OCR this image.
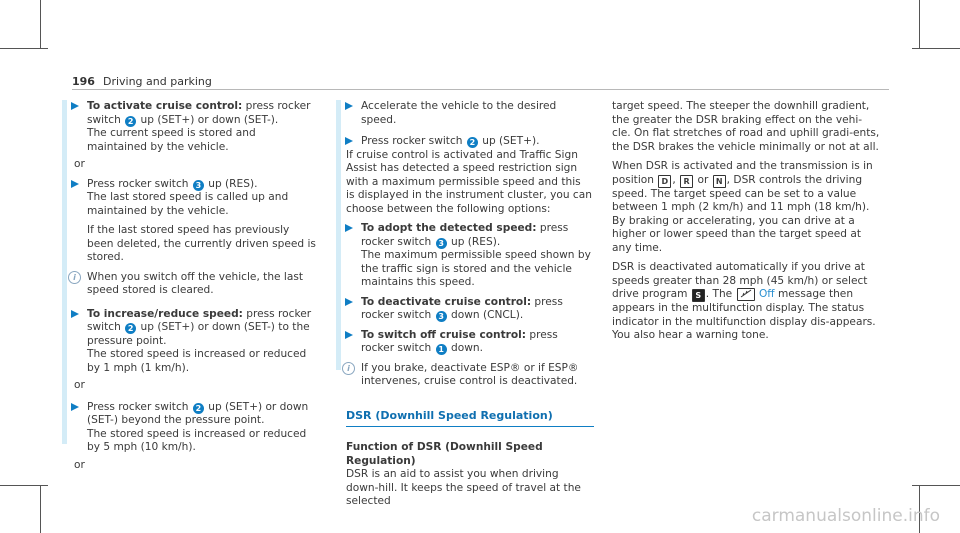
196 Driving and parking
To activate cruise control: press rocker switch 2 up (SET+) or down (SET-).
The current speed is stored and maintained by the vehicle.
or
Press rocker switch 3 up (RES).
The last stored speed is called up and maintained by the vehicle.
If the last stored speed has previously been deleted, the currently driven speed is stored.
i	When you switch off the vehicle, the last speed stored is cleared.
To increase/reduce speed: press rocker switch 2 up (SET+) or down (SET-) to the pressure point.
The stored speed is increased or reduced by 1 mph (1 km/h).
or
Press rocker switch 2 up (SET+) or down (SET-) beyond the pressure point.
The stored speed is increased or reduced by 5 mph (10 km/h).
or
Accelerate the vehicle to the desired speed.
Press rocker switch 2 up (SET+).
If cruise control is activated and Traffic Sign Assist has detected a speed restriction sign with a maximum permissible speed and this is displayed in the instrument cluster, you can choose between the following options:
To adopt the detected speed: press rocker switch 3 up (RES).
The maximum permissible speed shown by the traffic sign is stored and the vehicle maintains this speed.
To deactivate cruise control: press rocker switch 3 down (CNCL).
To switch off cruise control: press rocker switch 1 down.
i	If you brake, deactivate ESP® or if ESP® intervenes, cruise control is deactivated.
DSR (Downhill Speed Regulation)
Function of DSR (Downhill Speed Regulation)
DSR is an aid to assist you when driving down-hill. It keeps the speed of travel at the selected
target speed. The steeper the downhill gradient, the greater the DSR braking effect on the vehi-cle. On flat stretches of road and uphill gradi-ents, the DSR brakes the vehicle minimally or not at all.
When DSR is activated and the transmission is in position D , R or N , DSR controls the driving speed. The target speed can be set to a value between 1 mph (2 km/h) and 11 mph (18 km/h). By braking or accelerating, you can drive at a higher or lower speed than the target speed at any time.
DSR is deactivated automatically if you drive at speeds greater than 28 mph (45 km/h) or select drive program S . The  Off message then appears in the multifunction display. The status indicator in the multifunction display dis-appears. You also hear a warning tone.
carmanualsonline.info
